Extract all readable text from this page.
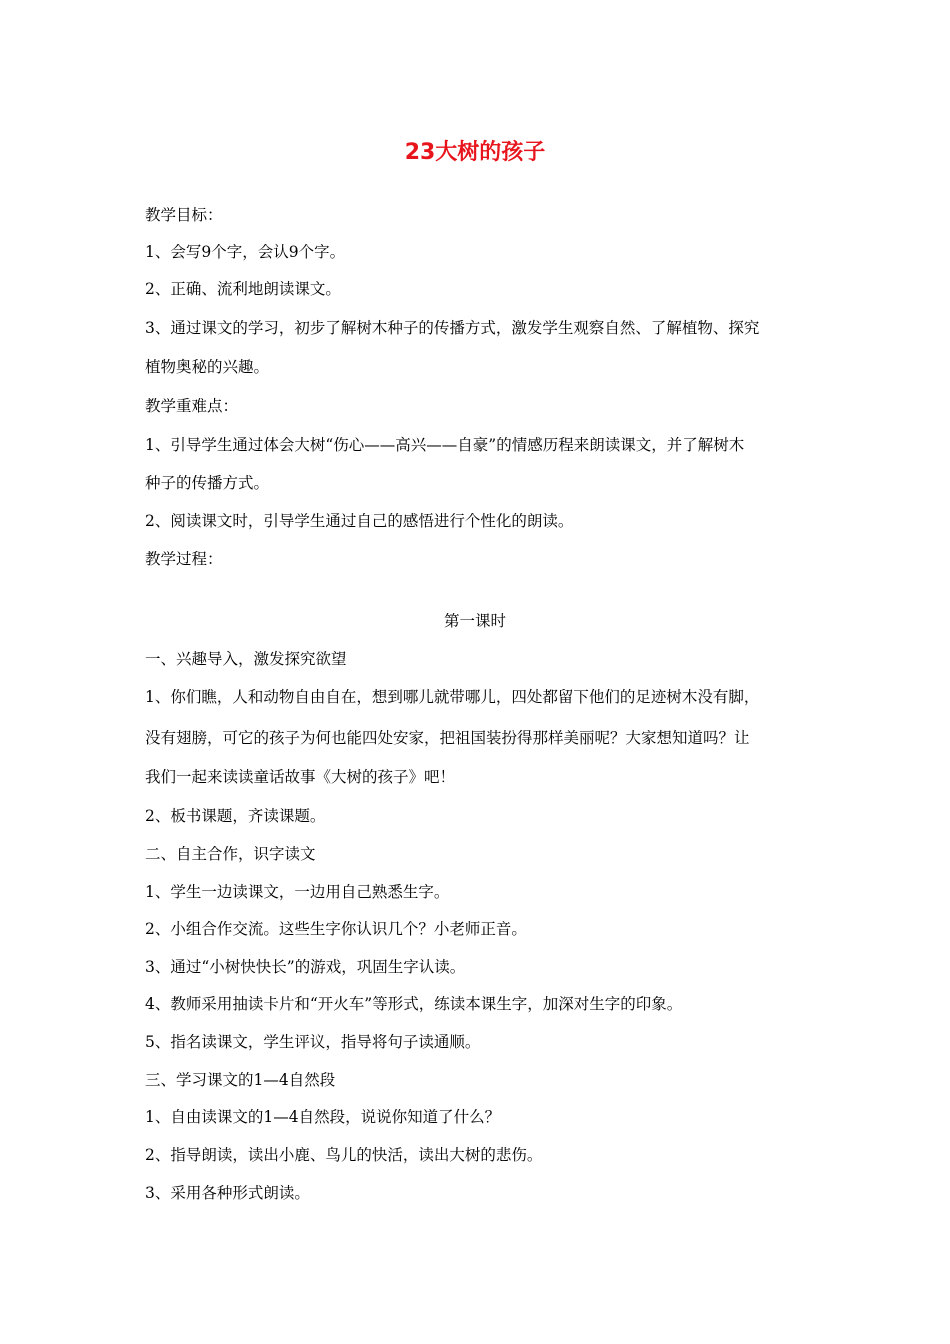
23大树的孩子
教学目标：
1、会写9个字，会认9个字。
2、正确、流利地朗读课文。
3、通过课文的学习，初步了解树木种子的传播方式，激发学生观察自然、了解植物、探究
植物奥秘的兴趣。
教学重难点：
1、引导学生通过体会大树“伤心——高兴——自豪”的情感历程来朗读课文，并了解树木
种子的传播方式。
2、阅读课文时，引导学生通过自己的感悟进行个性化的朗读。
教学过程：
第一课时
一、兴趣导入，激发探究欲望
1、你们瞧，人和动物自由自在，想到哪儿就带哪儿，四处都留下他们的足迹树木没有脚，
没有翅膀，可它的孩子为何也能四处安家，把祖国装扮得那样美丽呢？大家想知道吗？让
我们一起来读读童话故事《大树的孩子》吧！
2、板书课题，齐读课题。
二、自主合作，识字读文
1、学生一边读课文，一边用自己熟悉生字。
2、小组合作交流。这些生字你认识几个？小老师正音。
3、通过“小树快快长”的游戏，巩固生字认读。
4、教师采用抽读卡片和“开火车”等形式，练读本课生字，加深对生字的印象。
5、指名读课文，学生评议，指导将句子读通顺。
三、学习课文的1—4自然段
1、自由读课文的1—4自然段，说说你知道了什么？
2、指导朗读，读出小鹿、鸟儿的快活，读出大树的悲伤。
3、采用各种形式朗读。
